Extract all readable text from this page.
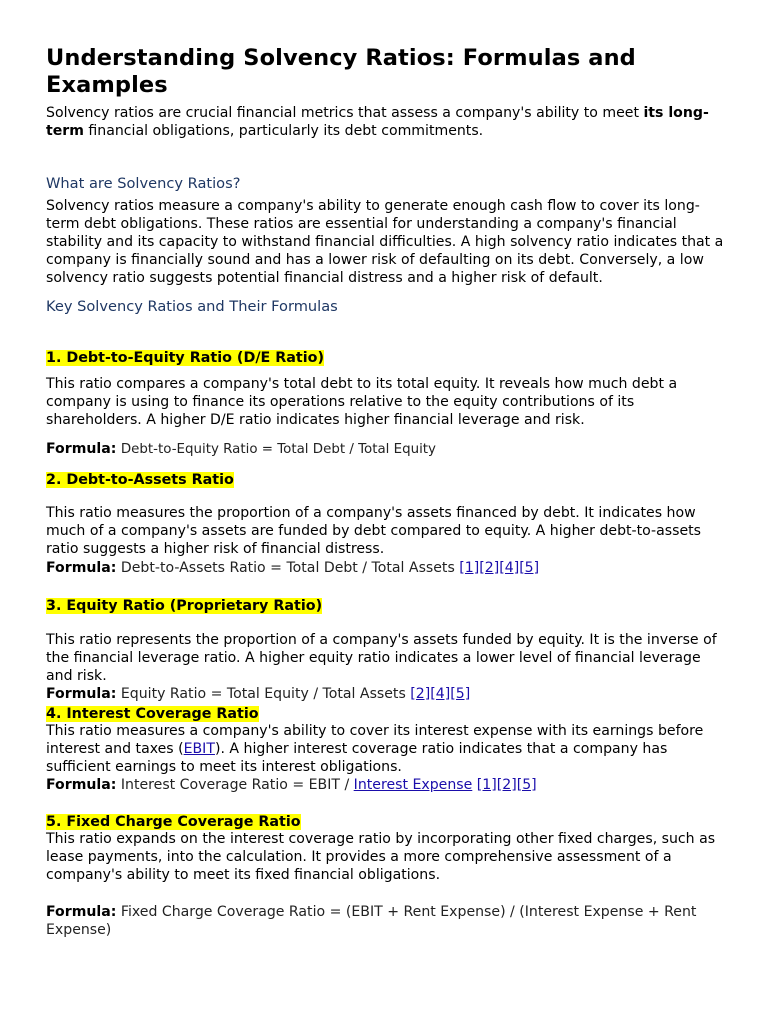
Understanding Solvency Ratios: Formulas and Examples

Solvency ratios are crucial financial metrics that assess a company's ability to meet its long-term financial obligations, particularly its debt commitments.

What are Solvency Ratios?

Solvency ratios measure a company's ability to generate enough cash flow to cover its long-term debt obligations. These ratios are essential for understanding a company's financial stability and its capacity to withstand financial difficulties. A high solvency ratio indicates that a company is financially sound and has a lower risk of defaulting on its debt. Conversely, a low solvency ratio suggests potential financial distress and a higher risk of default.

Key Solvency Ratios and Their Formulas
1. Debt-to-Equity Ratio (D/E Ratio)

This ratio compares a company's total debt to its total equity. It reveals how much debt a company is using to finance its operations relative to the equity contributions of its shareholders. A higher D/E ratio indicates higher financial leverage and risk.

Formula: Debt-to-Equity Ratio = Total Debt / Total Equity
2. Debt-to-Assets Ratio

This ratio measures the proportion of a company's assets financed by debt. It indicates how much of a company's assets are funded by debt compared to equity. A higher debt-to-assets ratio suggests a higher risk of financial distress.

Formula: Debt-to-Assets Ratio = Total Debt / Total Assets [1][2][4][5]
3. Equity Ratio (Proprietary Ratio)

This ratio represents the proportion of a company's assets funded by equity. It is the inverse of the financial leverage ratio. A higher equity ratio indicates a lower level of financial leverage and risk.

Formula: Equity Ratio = Total Equity / Total Assets [2][4][5]
4. Interest Coverage Ratio

This ratio measures a company's ability to cover its interest expense with its earnings before interest and taxes (EBIT). A higher interest coverage ratio indicates that a company has sufficient earnings to meet its interest obligations.

Formula: Interest Coverage Ratio = EBIT / Interest Expense [1][2][5]
5. Fixed Charge Coverage Ratio

This ratio expands on the interest coverage ratio by incorporating other fixed charges, such as lease payments, into the calculation. It provides a more comprehensive assessment of a company's ability to meet its fixed financial obligations.

Formula: Fixed Charge Coverage Ratio = (EBIT + Rent Expense) / (Interest Expense + Rent Expense)
